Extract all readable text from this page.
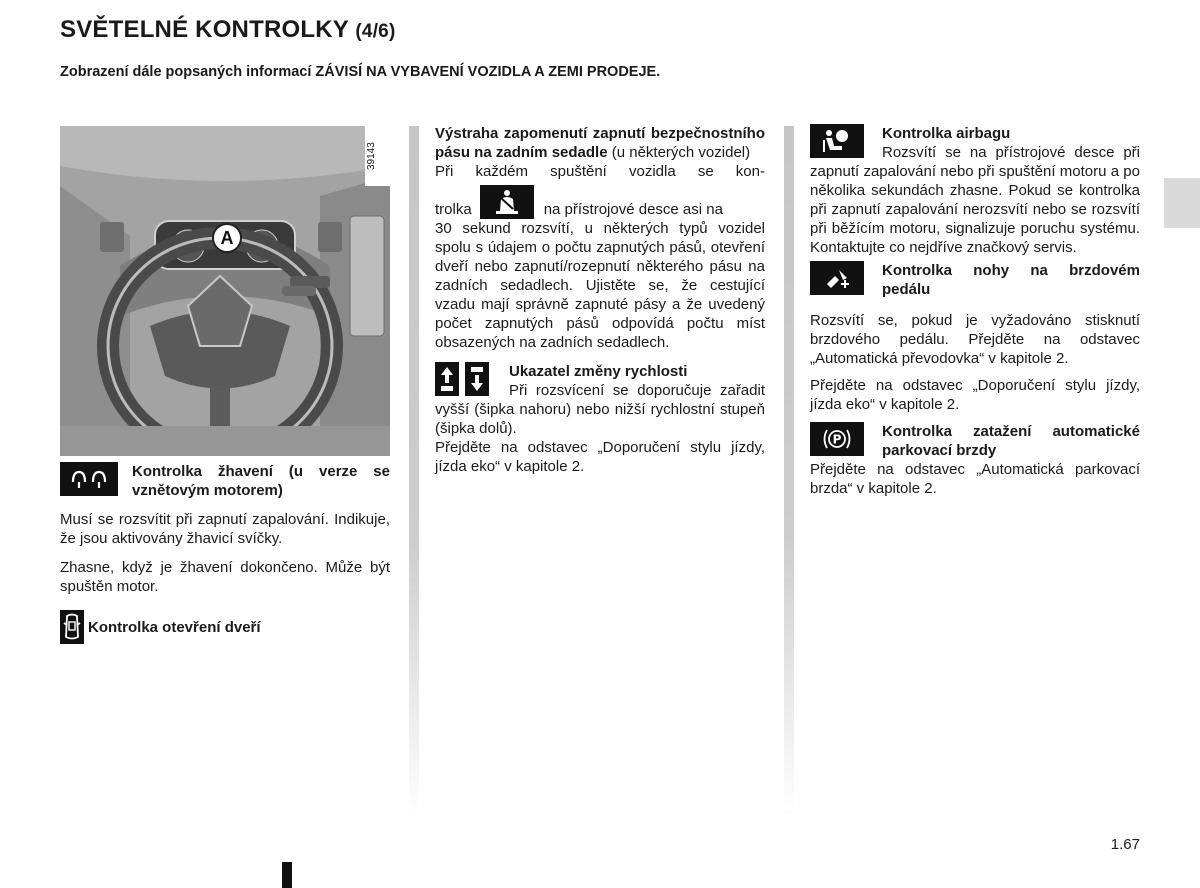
SVĚTELNÉ KONTROLKY (4/6)
Zobrazení dále popsaných informací ZÁVISÍ NA VYBAVENÍ VOZIDLA A ZEMI PRODEJE.
39143
A
Kontrolka žhavení (u verze se vznětovým motorem)

Musí se rozsvítit při zapnutí zapalování. Indikuje, že jsou aktivovány žhavicí svíčky.

Zhasne, když je žhavení dokončeno. Může být spuštěn motor.

Kontrolka otevření dveří

Výstraha zapomenutí zapnutí bezpečnostního pásu na zadním sedadle (u některých vozidel)

Při každém spuštění vozidla se kon-

trolka	na přístrojové desce asi na

30 sekund rozsvítí, u některých typů vozidel spolu s údajem o počtu zapnutých pásů, otevření dveří nebo zapnutí/rozepnutí některého pásu na zadních sedadlech. Ujistěte se, že cestující vzadu mají správně zapnuté pásy a že uvedený počet zapnutých pásů odpovídá počtu míst obsazených na zadních sedadlech.

Ukazatel změny rychlosti

Při rozsvícení se doporučuje zařadit vyšší (šipka nahoru) nebo nižší rychlostní stupeň (šipka dolů).

Přejděte na odstavec „Doporučení stylu jízdy, jízda eko“ v kapitole 2.

Kontrolka airbagu

Rozsvítí se na přístrojové desce při zapnutí zapalování nebo při spuštění motoru a po několika sekundách zhasne. Pokud se kontrolka při zapnutí zapalování nerozsvítí nebo se rozsvítí při běžícím motoru, signalizuje poruchu systému. Kontaktujte co nejdříve značkový servis.

Kontrolka nohy na brzdovém pedálu

Rozsvítí se, pokud je vyžadováno stisknutí brzdového pedálu. Přejděte na odstavec „Automatická převodovka“ v kapitole 2.

Přejděte na odstavec „Doporučení stylu jízdy, jízda eko“ v kapitole 2.

P	Kontrolka zatažení automatické parkovací brzdy

Přejděte na odstavec „Automatická parkovací brzda“ v kapitole 2.

1.67
